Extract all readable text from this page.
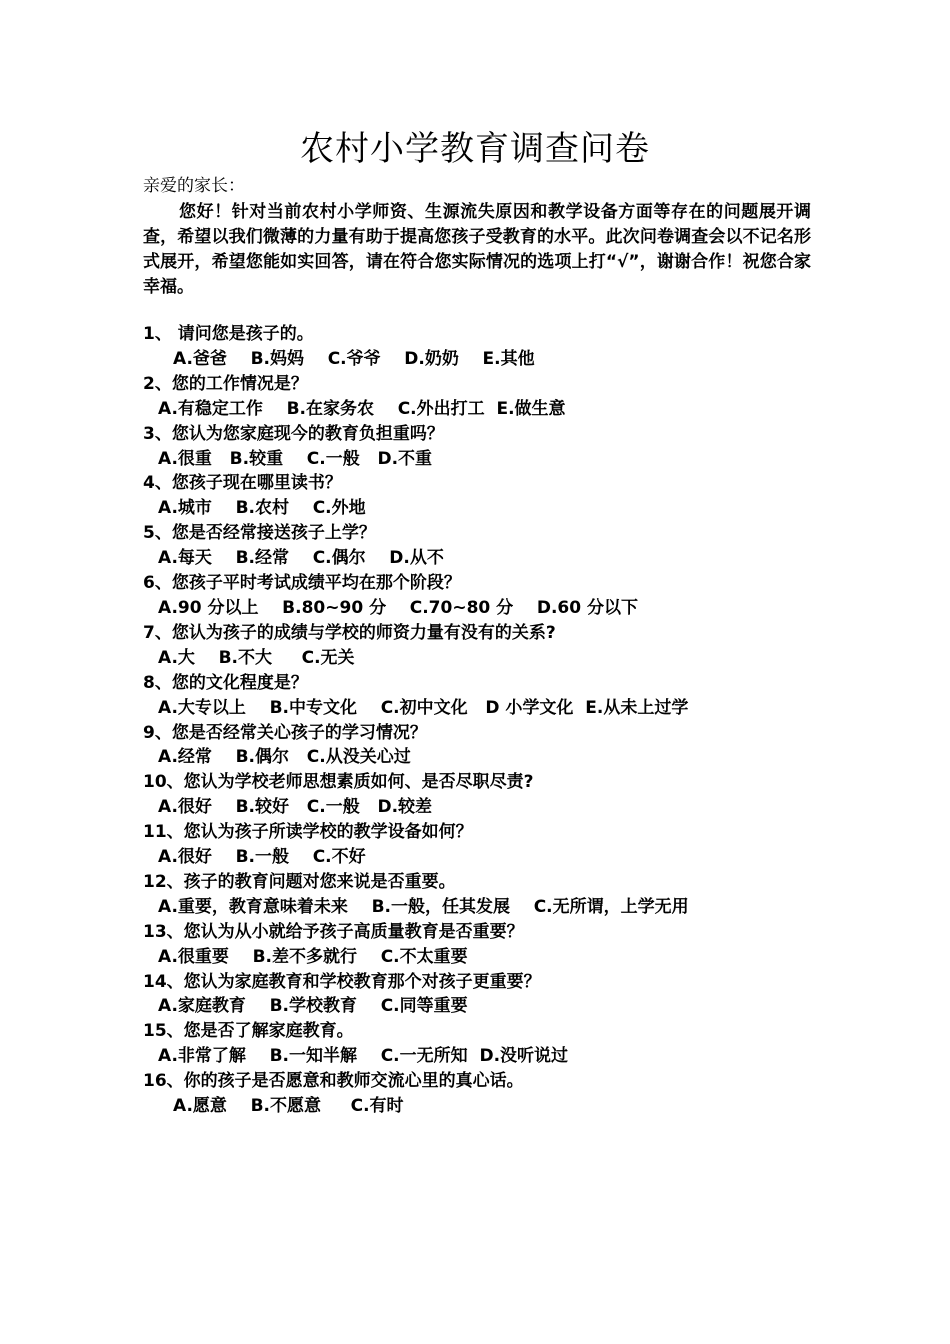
农村小学教育调查问卷
亲爱的家长：

您好！针对当前农村小学师资、生源流失原因和教学设备方面等存在的问题展开调查，希望以我们微薄的力量有助于提高您孩子受教育的水平。此次问卷调查会以不记名形式展开，希望您能如实回答，请在符合您实际情况的选项上打“√”，谢谢合作！祝您合家幸福。

1、 请问您是孩子的。
A.爸爸    B.妈妈    C.爷爷    D.奶奶    E.其他
2、您的工作情况是？
A.有稳定工作    B.在家务农    C.外出打工  E.做生意
3、您认为您家庭现今的教育负担重吗？
A.很重   B.较重    C.一般   D.不重
4、您孩子现在哪里读书？
A.城市    B.农村    C.外地
5、您是否经常接送孩子上学？
A.每天    B.经常    C.偶尔    D.从不
6、您孩子平时考试成绩平均在那个阶段？
A.90 分以上    B.80~90 分    C.70~80 分    D.60 分以下
7、您认为孩子的成绩与学校的师资力量有没有的关系?
A.大    B.不大     C.无关
8、您的文化程度是？
A.大专以上    B.中专文化    C.初中文化   D 小学文化  E.从未上过学
9、您是否经常关心孩子的学习情况？
A.经常    B.偶尔   C.从没关心过
10、您认为学校老师思想素质如何、是否尽职尽责?
A.很好    B.较好   C.一般   D.较差
11、您认为孩子所读学校的教学设备如何？
A.很好    B.一般    C.不好
12、孩子的教育问题对您来说是否重要。
A.重要，教育意味着未来    B.一般，任其发展    C.无所谓，上学无用
13、您认为从小就给予孩子高质量教育是否重要？
A.很重要    B.差不多就行    C.不太重要
14、您认为家庭教育和学校教育那个对孩子更重要？
A.家庭教育    B.学校教育    C.同等重要
15、您是否了解家庭教育。
A.非常了解    B.一知半解    C.一无所知  D.没听说过
16、你的孩子是否愿意和教师交流心里的真心话。
A.愿意    B.不愿意     C.有时
